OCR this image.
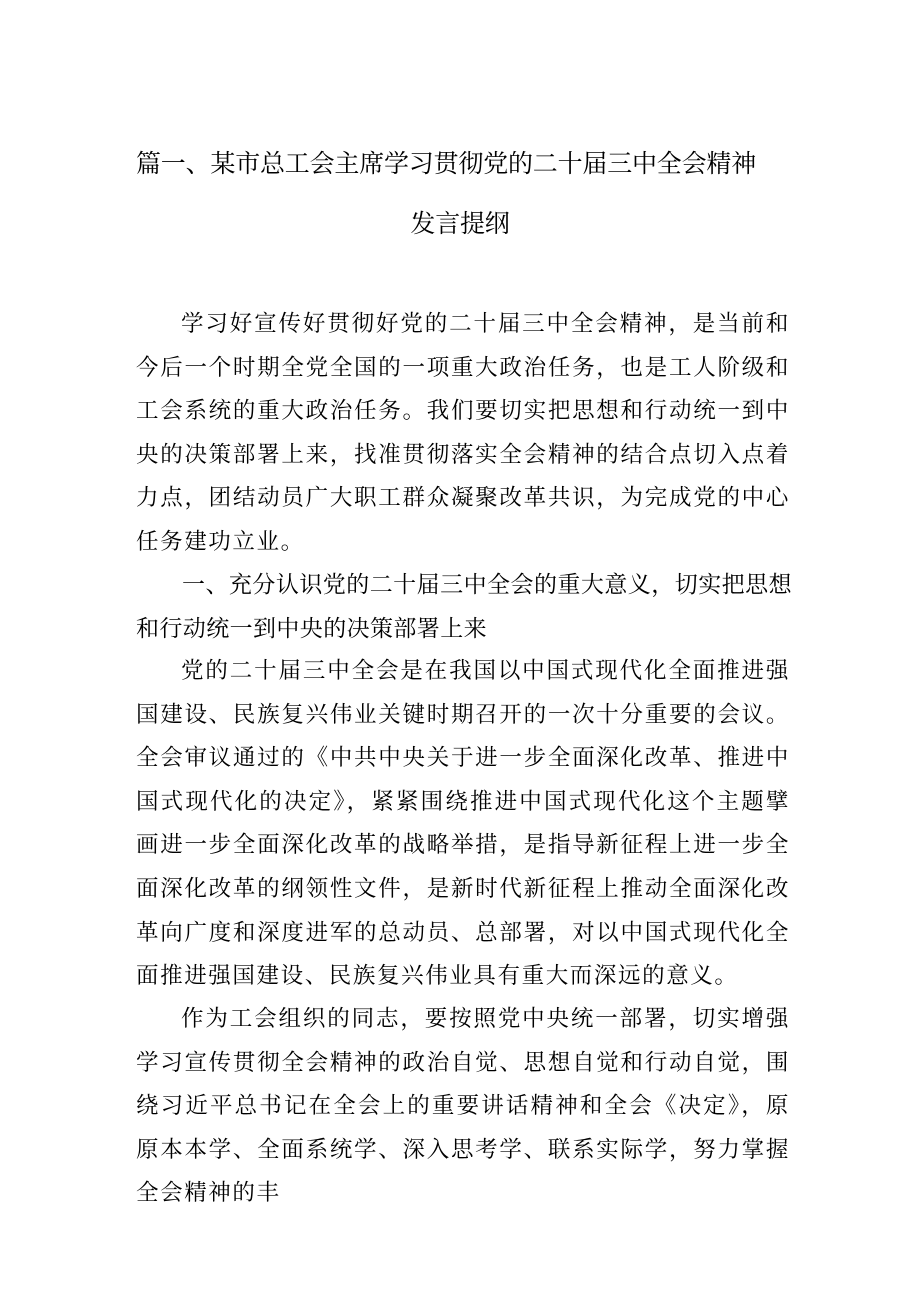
篇一、某市总工会主席学习贯彻党的二十届三中全会精神
发言提纲

学习好宣传好贯彻好党的二十届三中全会精神，是当前和今后一个时期全党全国的一项重大政治任务，也是工人阶级和工会系统的重大政治任务。我们要切实把思想和行动统一到中央的决策部署上来，找准贯彻落实全会精神的结合点切入点着力点，团结动员广大职工群众凝聚改革共识，为完成党的中心任务建功立业。

一、充分认识党的二十届三中全会的重大意义，切实把思想和行动统一到中央的决策部署上来

党的二十届三中全会是在我国以中国式现代化全面推进强国建设、民族复兴伟业关键时期召开的一次十分重要的会议。全会审议通过的《中共中央关于进一步全面深化改革、推进中国式现代化的决定》，紧紧围绕推进中国式现代化这个主题擘画进一步全面深化改革的战略举措，是指导新征程上进一步全面深化改革的纲领性文件，是新时代新征程上推动全面深化改革向广度和深度进军的总动员、总部署，对以中国式现代化全面推进强国建设、民族复兴伟业具有重大而深远的意义。

作为工会组织的同志，要按照党中央统一部署，切实增强学习宣传贯彻全会精神的政治自觉、思想自觉和行动自觉，围绕习近平总书记在全会上的重要讲话精神和全会《决定》，原原本本学、全面系统学、深入思考学、联系实际学，努力掌握全会精神的丰
